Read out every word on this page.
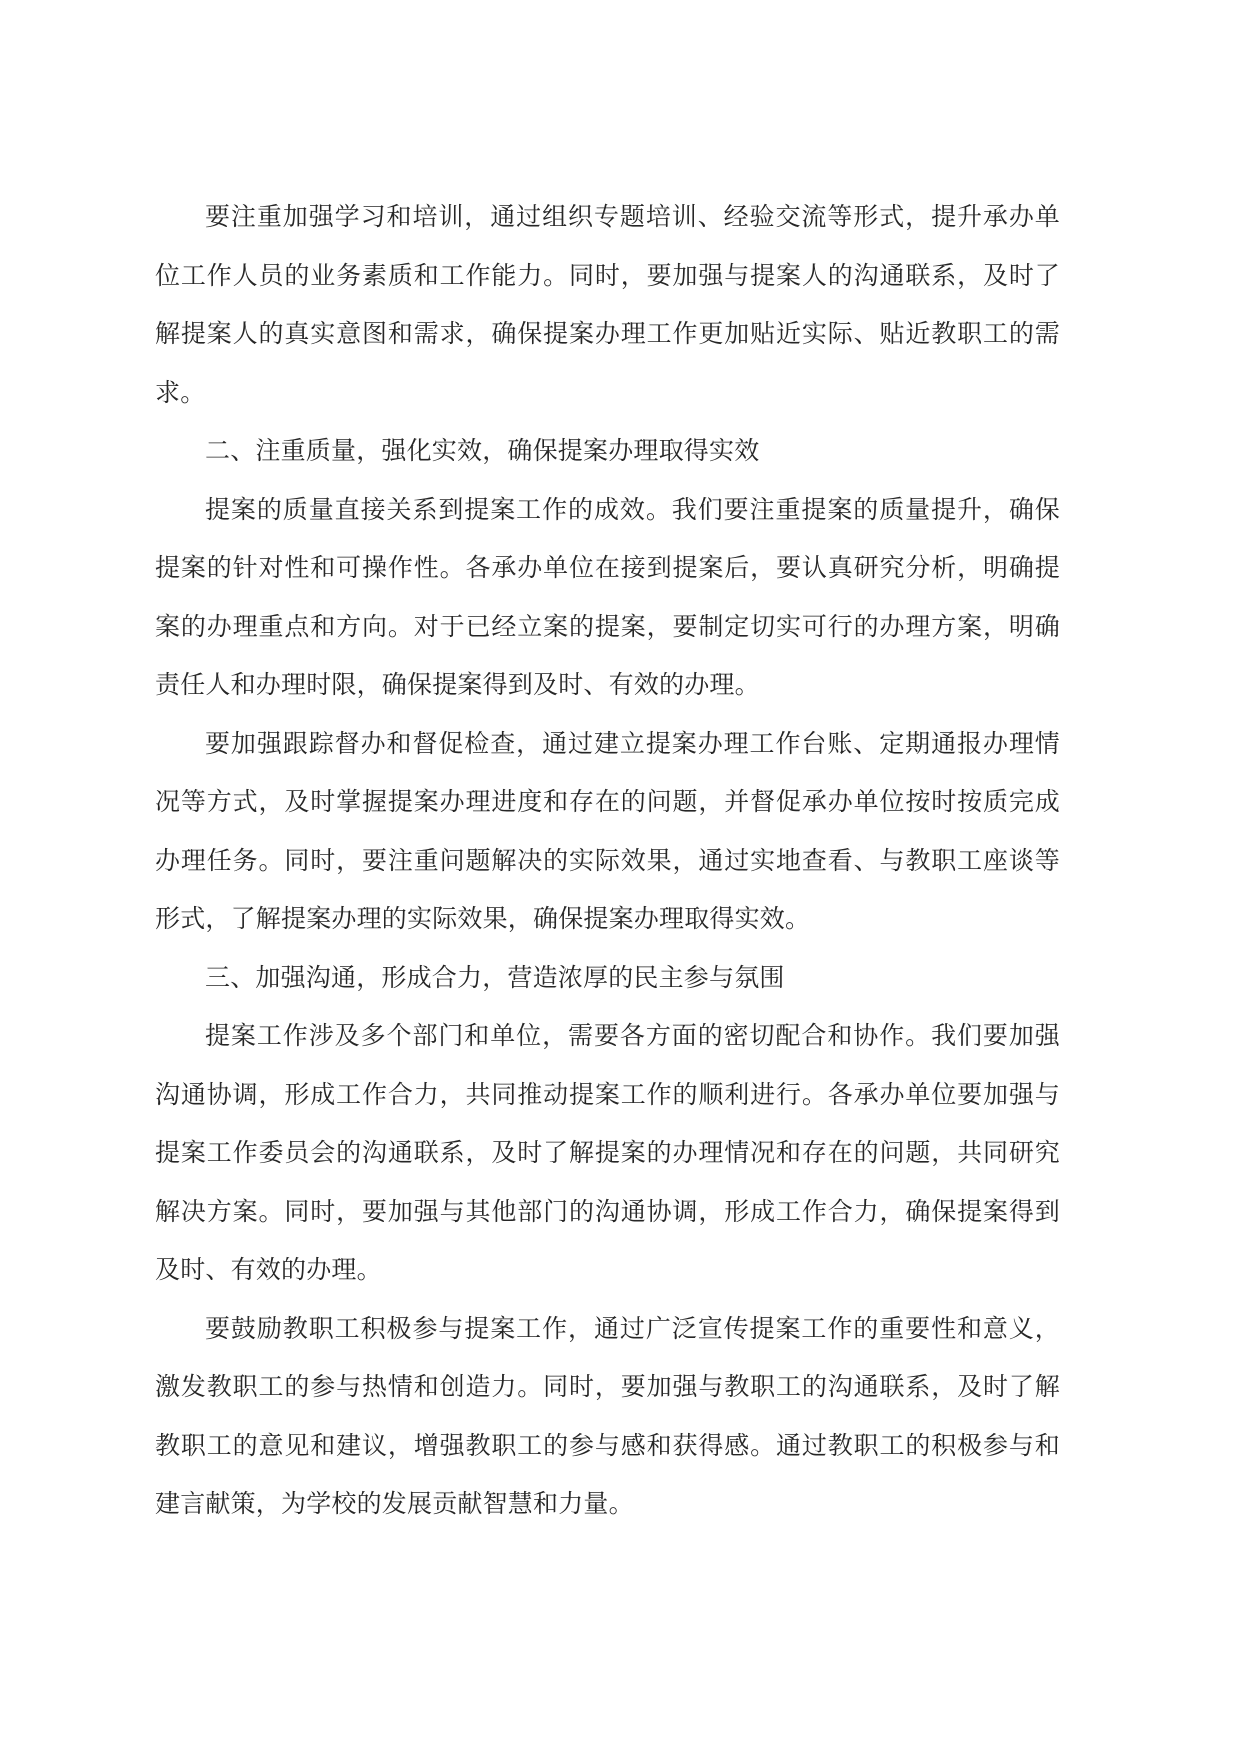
要注重加强学习和培训，通过组织专题培训、经验交流等形式，提升承办单位工作人员的业务素质和工作能力。同时，要加强与提案人的沟通联系，及时了解提案人的真实意图和需求，确保提案办理工作更加贴近实际、贴近教职工的需求。

二、注重质量，强化实效，确保提案办理取得实效

提案的质量直接关系到提案工作的成效。我们要注重提案的质量提升，确保提案的针对性和可操作性。各承办单位在接到提案后，要认真研究分析，明确提案的办理重点和方向。对于已经立案的提案，要制定切实可行的办理方案，明确责任人和办理时限，确保提案得到及时、有效的办理。

要加强跟踪督办和督促检查，通过建立提案办理工作台账、定期通报办理情况等方式，及时掌握提案办理进度和存在的问题，并督促承办单位按时按质完成办理任务。同时，要注重问题解决的实际效果，通过实地查看、与教职工座谈等形式，了解提案办理的实际效果，确保提案办理取得实效。

三、加强沟通，形成合力，营造浓厚的民主参与氛围

提案工作涉及多个部门和单位，需要各方面的密切配合和协作。我们要加强沟通协调，形成工作合力，共同推动提案工作的顺利进行。各承办单位要加强与提案工作委员会的沟通联系，及时了解提案的办理情况和存在的问题，共同研究解决方案。同时，要加强与其他部门的沟通协调，形成工作合力，确保提案得到及时、有效的办理。

要鼓励教职工积极参与提案工作，通过广泛宣传提案工作的重要性和意义，激发教职工的参与热情和创造力。同时，要加强与教职工的沟通联系，及时了解教职工的意见和建议，增强教职工的参与感和获得感。通过教职工的积极参与和建言献策，为学校的发展贡献智慧和力量。
